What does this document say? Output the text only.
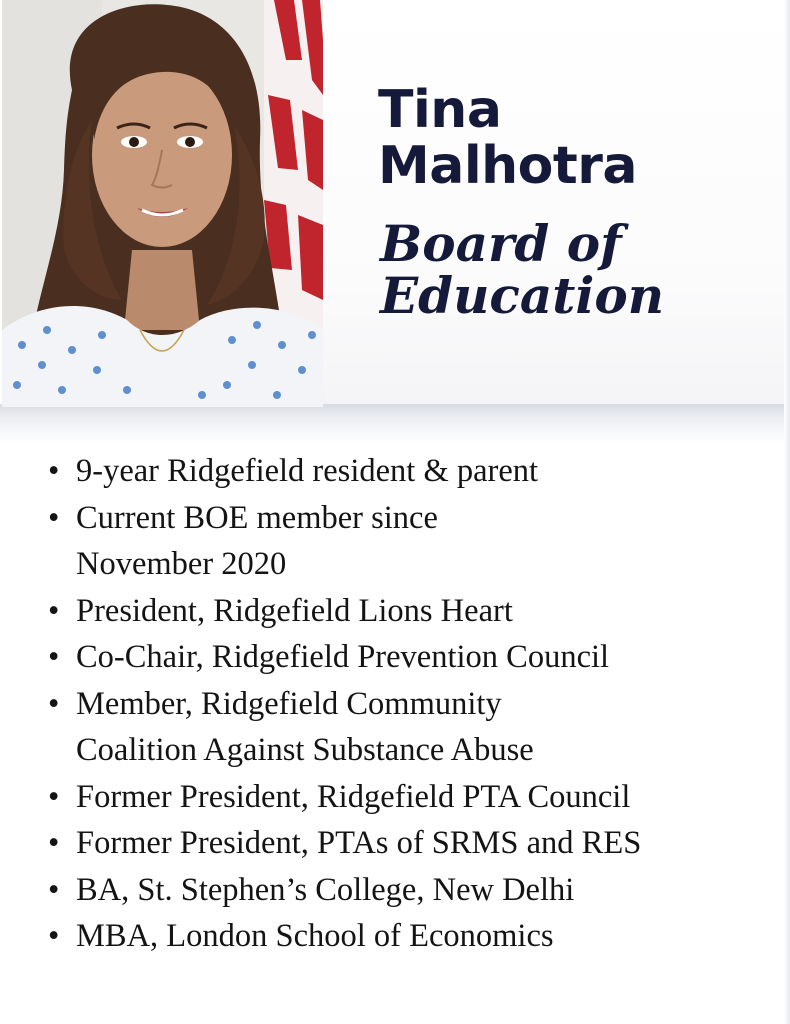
Tina
Malhotra
Board of
Education
• 9-year Ridgefield resident & parent
• Current BOE member since
November 2020
• President, Ridgefield Lions Heart
• Co-Chair, Ridgefield Prevention Council
• Member, Ridgefield Community
Coalition Against Substance Abuse
• Former President, Ridgefield PTA Council
• Former President, PTAs of SRMS and RES
• BA, St. Stephen’s College, New Delhi
• MBA, London School of Economics
